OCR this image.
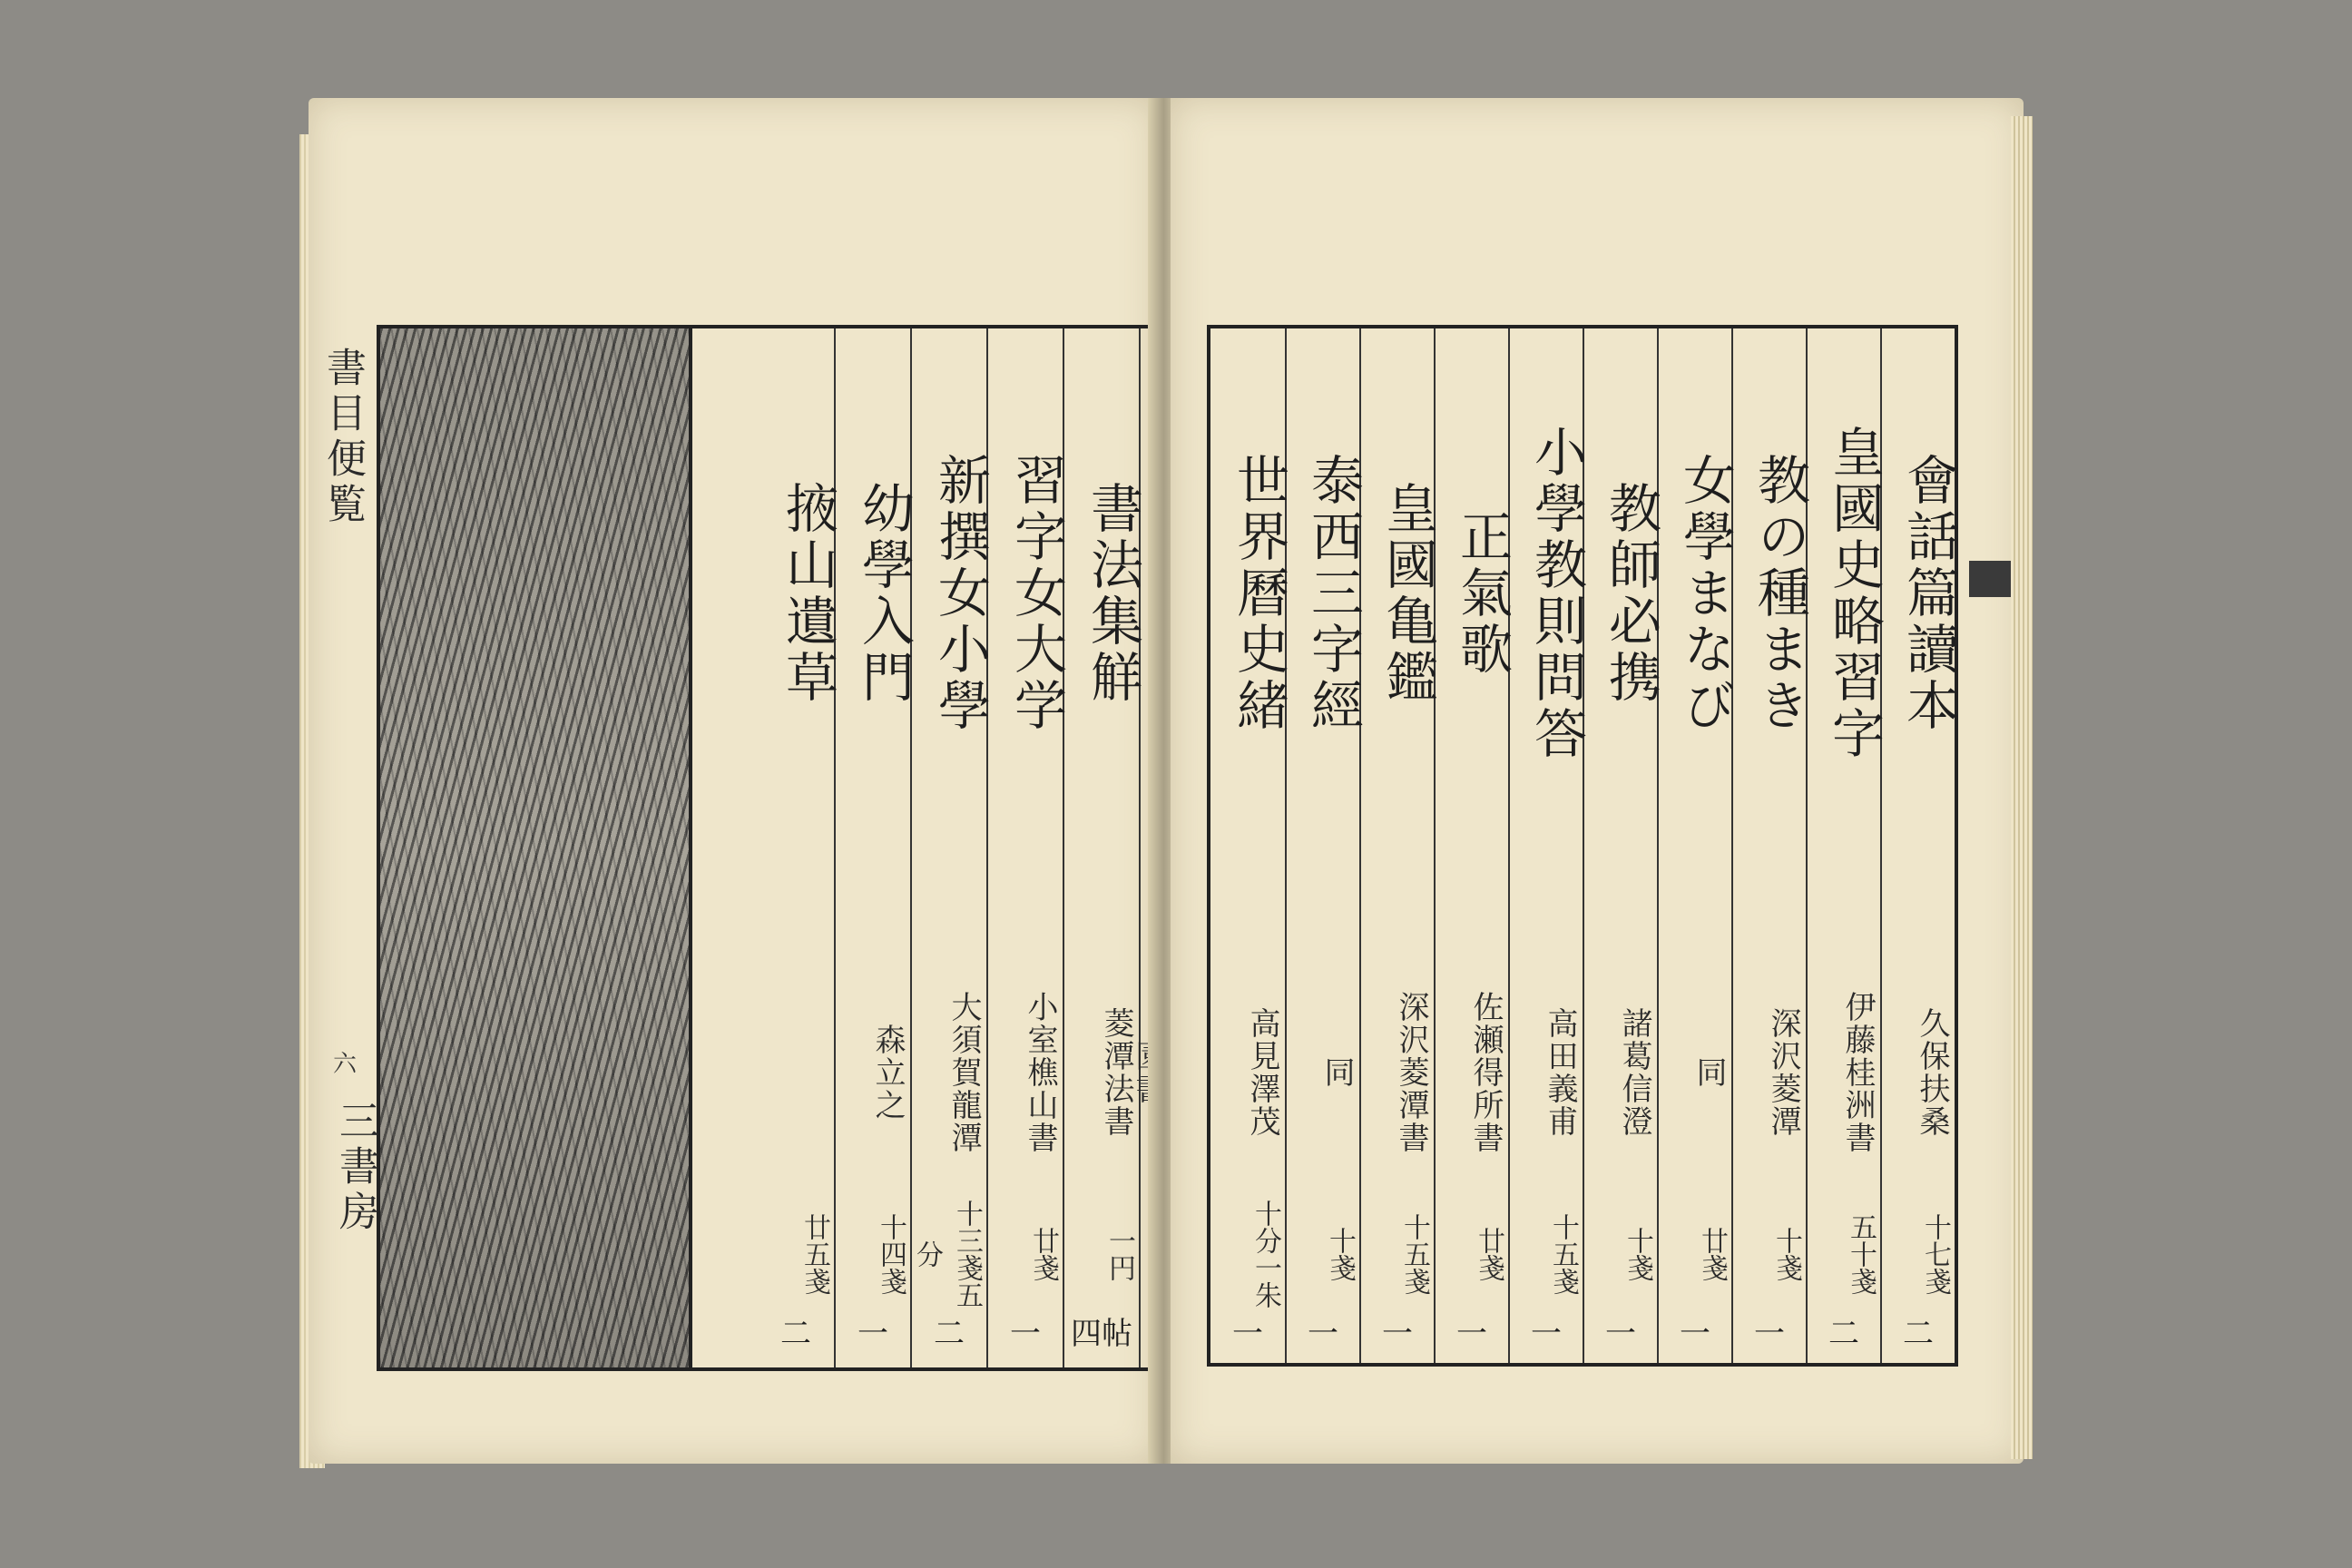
書目便覧
六
三書房
書法集觧
菱潭法書
一円
四帖
習字女大学
小室樵山書
廿戔
一
新撰女小學
大須賀龍潭
十三戔五分
二
幼學入門
森立之
十四戔
一
掖山遺草
廿五戔
二
會話篇讀本
久保扶桑
十七戔
二
皇國史略習字
伊藤桂洲書
五十戔
二
教の種まき
深沢菱潭
十戔
一
女學まなび
同
廿戔
一
教師必携
諸葛信澄
十戔
一
小學教則問答
高田義甫
十五戔
一
正氣歌
佐瀬得所書
廿戔
一
皇國亀鑑
深沢菱潭書
十五戔
一
泰西三字經
同
十戔
一
世界曆史緒
高見澤茂
十分一朱
一
